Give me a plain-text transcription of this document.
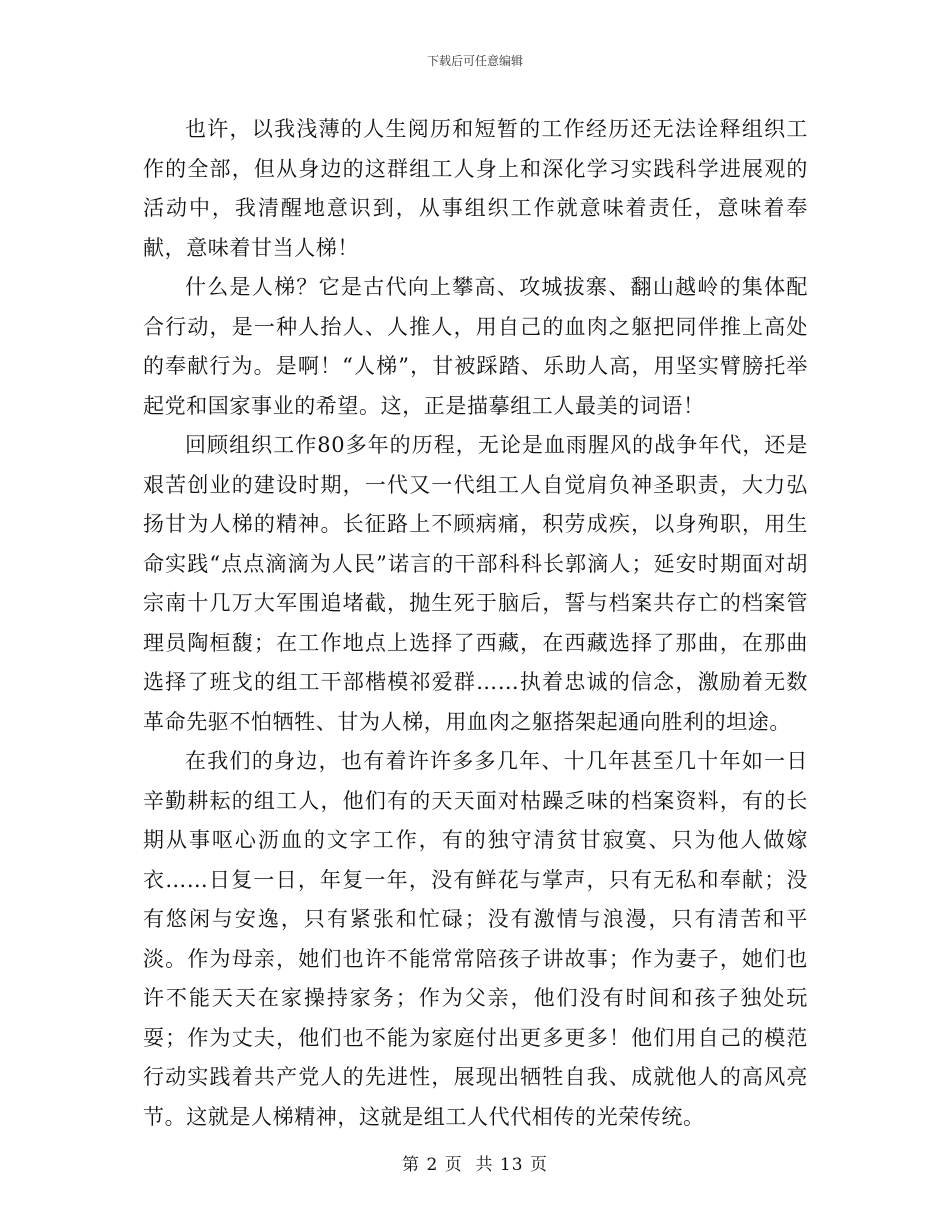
下载后可任意编辑

也许，以我浅薄的人生阅历和短暂的工作经历还无法诠释组织工作的全部，但从身边的这群组工人身上和深化学习实践科学进展观的活动中，我清醒地意识到，从事组织工作就意味着责任，意味着奉献，意味着甘当人梯！

什么是人梯？它是古代向上攀高、攻城拔寨、翻山越岭的集体配合行动，是一种人抬人、人推人，用自己的血肉之躯把同伴推上高处的奉献行为。是啊！“人梯”，甘被踩踏、乐助人高，用坚实臂膀托举起党和国家事业的希望。这，正是描摹组工人最美的词语！

回顾组织工作80多年的历程，无论是血雨腥风的战争年代，还是艰苦创业的建设时期，一代又一代组工人自觉肩负神圣职责，大力弘扬甘为人梯的精神。长征路上不顾病痛，积劳成疾，以身殉职，用生命实践“点点滴滴为人民”诺言的干部科科长郭滴人；延安时期面对胡宗南十几万大军围追堵截，抛生死于脑后，誓与档案共存亡的档案管理员陶桓馥；在工作地点上选择了西藏，在西藏选择了那曲，在那曲选择了班戈的组工干部楷模祁爱群……执着忠诚的信念，激励着无数革命先驱不怕牺牲、甘为人梯，用血肉之躯搭架起通向胜利的坦途。

在我们的身边，也有着许许多多几年、十几年甚至几十年如一日辛勤耕耘的组工人，他们有的天天面对枯躁乏味的档案资料，有的长期从事呕心沥血的文字工作，有的独守清贫甘寂寞、只为他人做嫁衣……日复一日，年复一年，没有鲜花与掌声，只有无私和奉献；没有悠闲与安逸，只有紧张和忙碌；没有激情与浪漫，只有清苦和平淡。作为母亲，她们也许不能常常陪孩子讲故事；作为妻子，她们也许不能天天在家操持家务；作为父亲，他们没有时间和孩子独处玩耍；作为丈夫，他们也不能为家庭付出更多更多！他们用自己的模范行动实践着共产党人的先进性，展现出牺牲自我、成就他人的高风亮节。这就是人梯精神，这就是组工人代代相传的光荣传统。

第 2 页  共 13 页
